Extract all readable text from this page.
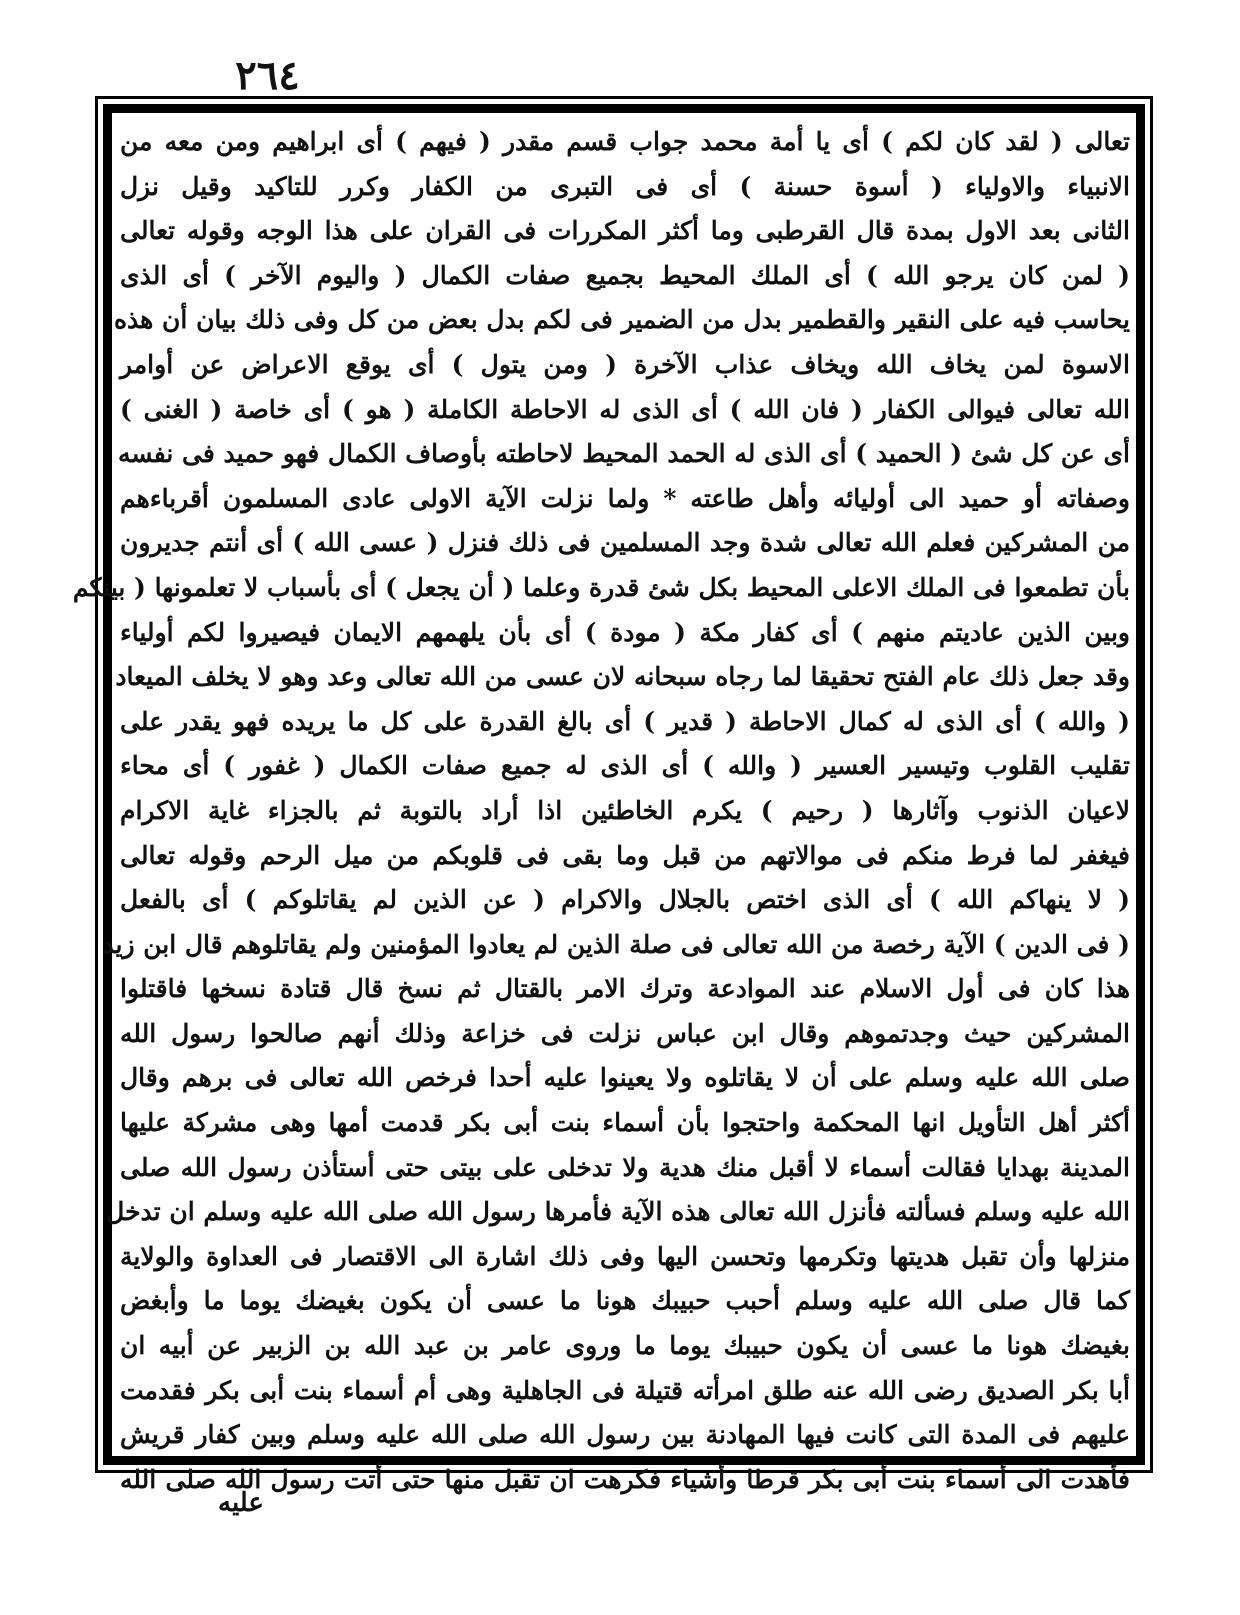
٢٦٤
تعالى ( لقد كان لكم ) أى يا أمة محمد جواب قسم مقدر ( فيهم ) أى ابراهيم ومن معه من
الانبياء والاولياء ( أسوة حسنة ) أى فى التبرى من الكفار وكرر للتاكيد وقيل نزل
الثانى بعد الاول بمدة قال القرطبى وما أكثر المكررات فى القران على هذا الوجه وقوله تعالى
( لمن كان يرجو الله ) أى الملك المحيط بجميع صفات الكمال ( واليوم الآخر ) أى الذى
يحاسب فيه على النقير والقطمير بدل من الضمير فى لكم بدل بعض من كل وفى ذلك بيان أن هذه
الاسوة لمن يخاف الله ويخاف عذاب الآخرة ( ومن يتول ) أى يوقع الاعراض عن أوامر
الله تعالى فيوالى الكفار ( فان الله ) أى الذى له الاحاطة الكاملة ( هو ) أى خاصة ( الغنى )
أى عن كل شئ ( الحميد ) أى الذى له الحمد المحيط لاحاطته بأوصاف الكمال فهو حميد فى نفسه
وصفاته أو حميد الى أوليائه وأهل طاعته * ولما نزلت الآية الاولى عادى المسلمون أقرباءهم
من المشركين فعلم الله تعالى شدة وجد المسلمين فى ذلك فنزل ( عسى الله ) أى أنتم جديرون
بأن تطمعوا فى الملك الاعلى المحيط بكل شئ قدرة وعلما ( أن يجعل ) أى بأسباب لا تعلمونها ( بينكم
وبين الذين عاديتم منهم ) أى كفار مكة ( مودة ) أى بأن يلهمهم الايمان فيصيروا لكم أولياء
وقد جعل ذلك عام الفتح تحقيقا لما رجاه سبحانه لان عسى من الله تعالى وعد وهو لا يخلف الميعاد
( والله ) أى الذى له كمال الاحاطة ( قدير ) أى بالغ القدرة على كل ما يريده فهو يقدر على
تقليب القلوب وتيسير العسير ( والله ) أى الذى له جميع صفات الكمال ( غفور ) أى محاء
لاعيان الذنوب وآثارها ( رحيم ) يكرم الخاطئين اذا أراد بالتوبة ثم بالجزاء غاية الاكرام
فيغفر لما فرط منكم فى موالاتهم من قبل وما بقى فى قلوبكم من ميل الرحم وقوله تعالى
( لا ينهاكم الله ) أى الذى اختص بالجلال والاكرام ( عن الذين لم يقاتلوكم ) أى بالفعل
( فى الدين ) الآية رخصة من الله تعالى فى صلة الذين لم يعادوا المؤمنين ولم يقاتلوهم قال ابن زيد
هذا كان فى أول الاسلام عند الموادعة وترك الامر بالقتال ثم نسخ قال قتادة نسخها فاقتلوا
المشركين حيث وجدتموهم وقال ابن عباس نزلت فى خزاعة وذلك أنهم صالحوا رسول الله
صلى الله عليه وسلم على أن لا يقاتلوه ولا يعينوا عليه أحدا فرخص الله تعالى فى برهم وقال
أكثر أهل التأويل انها المحكمة واحتجوا بأن أسماء بنت أبى بكر قدمت أمها وهى مشركة عليها
المدينة بهدايا فقالت أسماء لا أقبل منك هدية ولا تدخلى على بيتى حتى أستأذن رسول الله صلى
الله عليه وسلم فسألته فأنزل الله تعالى هذه الآية فأمرها رسول الله صلى الله عليه وسلم ان تدخل
منزلها وأن تقبل هديتها وتكرمها وتحسن اليها وفى ذلك اشارة الى الاقتصار فى العداوة والولاية
كما قال صلى الله عليه وسلم أحبب حبيبك هونا ما عسى أن يكون بغيضك يوما ما وأبغض
بغيضك هونا ما عسى أن يكون حبيبك يوما ما وروى عامر بن عبد الله بن الزبير عن أبيه ان
أبا بكر الصديق رضى الله عنه طلق امرأته قتيلة فى الجاهلية وهى أم أسماء بنت أبى بكر فقدمت
عليهم فى المدة التى كانت فيها المهادنة بين رسول الله صلى الله عليه وسلم وبين كفار قريش
فأهدت الى أسماء بنت أبى بكر قرطا وأشياء فكرهت ان تقبل منها حتى أتت رسول الله صلى الله
عليه
